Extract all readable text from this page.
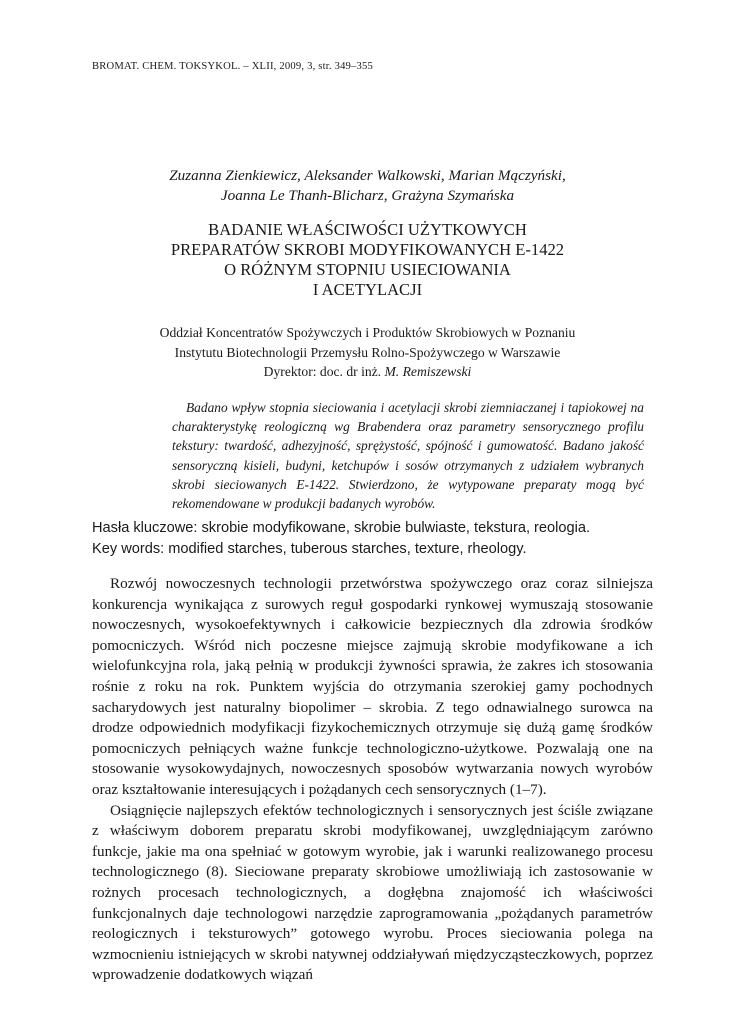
BROMAT. CHEM. TOKSYKOL. – XLII, 2009, 3, str. 349–355
Zuzanna Zienkiewicz, Aleksander Walkowski, Marian Mączyński,
Joanna Le Thanh-Blicharz, Grażyna Szymańska
BADANIE WŁAŚCIWOŚCI UŻYTKOWYCH
PREPARATÓW SKROBI MODYFIKOWANYCH E-1422
O RÓŻNYM STOPNIU USIECIOWANIA
I ACETYLACJI
Oddział Koncentratów Spożywczych i Produktów Skrobiowych w Poznaniu
Instytutu Biotechnologii Przemysłu Rolno-Spożywczego w Warszawie
Dyrektor: doc. dr inż. M. Remiszewski
Badano wpływ stopnia sieciowania i acetylacji skrobi ziemniaczanej i tapiokowej na charakterystykę reologiczną wg Brabendera oraz parametry sensorycznego profilu tekstury: twardość, adhezyjność, sprężystość, spójność i gumowatość. Badano jakość sensoryczną kisieli, budyni, ketchupów i sosów otrzymanych z udziałem wybranych skrobi sieciowanych E-1422. Stwierdzono, że wytypowane preparaty mogą być rekomendowane w produkcji badanych wyrobów.
Hasła kluczowe: skrobie modyfikowane, skrobie bulwiaste, tekstura, reologia.
Key words: modified starches, tuberous starches, texture, rheology.

Rozwój nowoczesnych technologii przetwórstwa spożywczego oraz coraz silniejsza konkurencja wynikająca z surowych reguł gospodarki rynkowej wymuszają stosowanie nowoczesnych, wysokoefektywnych i całkowicie bezpiecznych dla zdrowia środków pomocniczych. Wśród nich poczesne miejsce zajmują skrobie modyfikowane a ich wielofunkcyjna rola, jaką pełnią w produkcji żywności sprawia, że zakres ich stosowania rośnie z roku na rok. Punktem wyjścia do otrzymania szerokiej gamy pochodnych sacharydowych jest naturalny biopolimer – skrobia. Z tego odnawialnego surowca na drodze odpowiednich modyfikacji fizykochemicznych otrzymuje się dużą gamę środków pomocniczych pełniących ważne funkcje technologiczno-użytkowe. Pozwalają one na stosowanie wysokowydajnych, nowoczesnych sposobów wytwarzania nowych wyrobów oraz kształtowanie interesujących i pożądanych cech sensorycznych (1–7).

Osiągnięcie najlepszych efektów technologicznych i sensorycznych jest ściśle związane z właściwym doborem preparatu skrobi modyfikowanej, uwzględniającym zarówno funkcje, jakie ma ona spełniać w gotowym wyrobie, jak i warunki realizowanego procesu technologicznego (8). Sieciowane preparaty skrobiowe umożliwiają ich zastosowanie w rożnych procesach technologicznych, a dogłębna znajomość ich właściwości funkcjonalnych daje technologowi narzędzie zaprogramowania „pożądanych parametrów reologicznych i teksturowych” gotowego wyrobu. Proces sieciowania polega na wzmocnieniu istniejących w skrobi natywnej oddziaływań międzycząsteczkowych, poprzez wprowadzenie dodatkowych wiązań
